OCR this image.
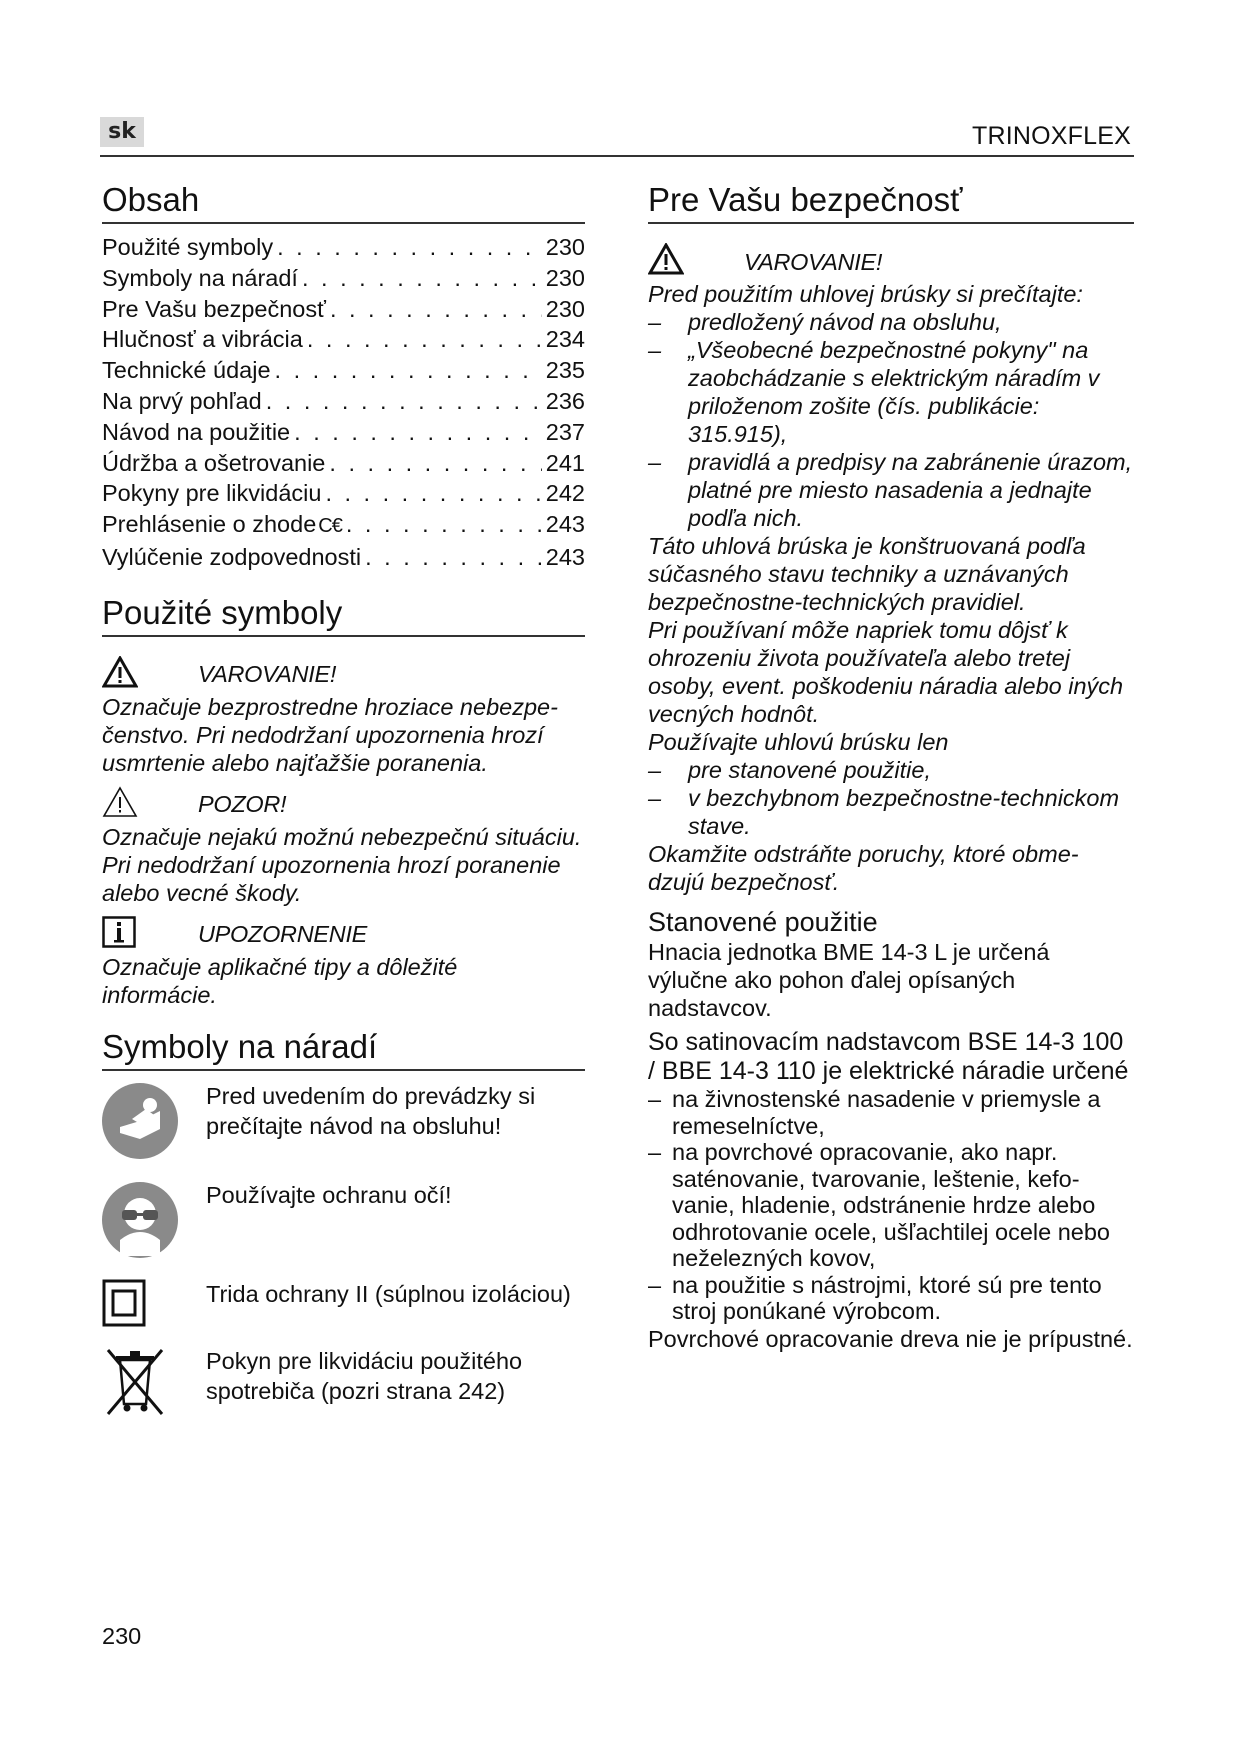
sk	TRINOXFLEX
Obsah
Použité symboly . . .	230
Symboly na náradí . . .	230
Pre Vašu bezpečnosť . . .	230
Hlučnosť a vibrácia . . .	234
Technické údaje . . .	235
Na prvý pohľad . . .	236
Návod na použitie . . .	237
Údržba a ošetrovanie . . .	241
Pokyny pre likvidáciu . . .	242
Prehlásenie o zhode C€ . . .	243
Vylúčenie zodpovednosti . . .	243
Použité symboly
VAROVANIE!
Označuje bezprostredne hroziace nebezpe-čenstvo. Pri nedodržaní upozornenia hrozí usmrtenie alebo najťažšie poranenia.
POZOR!
Označuje nejakú možnú nebezpečnú situáciu. Pri nedodržaní upozornenia hrozí poranenie alebo vecné škody.
UPOZORNENIE
Označuje aplikačné tipy a dôležité informácie.
Symboly na náradí
Pred uvedením do prevádzky si prečítajte návod na obsluhu!
Používajte ochranu očí!
Trida ochrany II (súplnou izoláciou)
Pokyn pre likvidáciu použitého spotrebiča (pozri strana 242)
Pre Vašu bezpečnosť
VAROVANIE!
Pred použitím uhlovej brúsky si prečítajte:
– predložený návod na obsluhu,
– „Všeobecné bezpečnostné pokyny" na zaobchádzanie s elektrickým náradím v priloženom zošite (čís. publikácie: 315.915),
– pravidlá a predpisy na zabránenie úrazom, platné pre miesto nasadenia a jednajte podľa nich.
Táto uhlová brúska je konštruovaná podľa súčasného stavu techniky a uznávaných bezpečnostne-technických pravidiel.
Pri používaní môže napriek tomu dôjsť k ohrozeniu života používateľa alebo tretej osoby, event. poškodeniu náradia alebo iných vecných hodnôt.
Používajte uhlovú brúsku len
– pre stanovené použitie,
– v bezchybnom bezpečnostne-technickom stave.
Okamžite odstráňte poruchy, ktoré obme-dzujú bezpečnosť.
Stanovené použitie
Hnacia jednotka BME 14-3 L je určená výlučne ako pohon ďalej opísaných nadstavcov.
So satinovacím nadstavcom BSE 14-3 100 / BBE 14-3 110 je elektrické náradie určené
– na živnostenské nasadenie v priemysle a remeselníctve,
– na povrchové opracovanie, ako napr. saténovanie, tvarovanie, leštenie, kefo-vanie, hladenie, odstránenie hrdze alebo odhrotovanie ocele, ušľachtilej ocele nebo neželezných kovov,
– na použitie s nástrojmi, ktoré sú pre tento stroj ponúkané výrobcom.
Povrchové opracovanie dreva nie je prípustné.
230
